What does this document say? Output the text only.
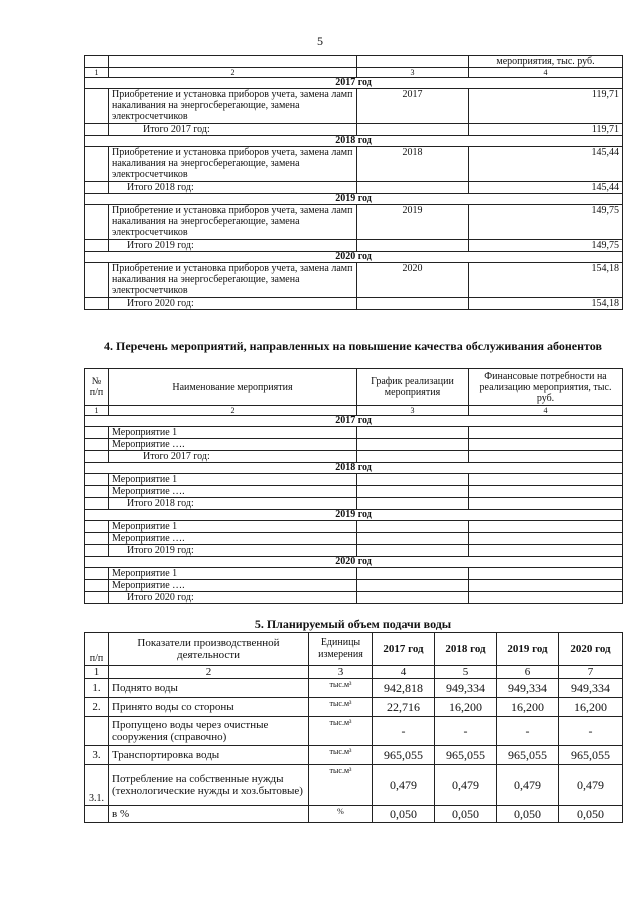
5
			мероприятия, тыс. руб.
1	2	3	4
2017 год			
	Приобретение и установка приборов учета, замена ламп накаливания на энергосберегающие, замена электросчетчиков	2017	119,71
	Итого 2017 год:		119,71
2018 год			
	Приобретение и установка приборов учета, замена ламп накаливания на энергосберегающие, замена электросчетчиков	2018	145,44
	Итого 2018 год:		145,44
2019 год			
	Приобретение и установка приборов учета, замена ламп накаливания на энергосберегающие, замена электросчетчиков	2019	149,75
	Итого 2019 год:		149,75
2020 год			
	Приобретение и установка приборов учета, замена ламп накаливания на энергосберегающие, замена электросчетчиков	2020	154,18
	Итого 2020 год:		154,18
4. Перечень мероприятий, направленных на повышение качества обслуживания абонентов
№ п/п	Наименование мероприятия	График реализации мероприятия	Финансовые потребности на реализацию мероприятия, тыс. руб.
1	2	3	4
2017 год			
	Мероприятие 1		
	Мероприятие ….		
	Итого 2017 год:		
2018 год			
	Мероприятие 1		
	Мероприятие ….		
	Итого 2018 год:		
2019 год			
	Мероприятие 1		
	Мероприятие ….		
	Итого 2019 год:		
2020 год			
	Мероприятие 1		
	Мероприятие ….		
	Итого 2020 год:		
5. Планируемый объем подачи воды
п/п	Показатели производственной деятельности	Единицы измерения	2017 год	2018 год	2019 год	2020 год
1	2	3	4	5	6	7
1.	Поднято воды	тыс.м³	942,818	949,334	949,334	949,334
2.	Принято воды со стороны	тыс.м³	22,716	16,200	16,200	16,200
	Пропущено воды через очистные сооружения (справочно)	тыс.м³	-	-	-	-
3.	Транспортировка воды	тыс.м³	965,055	965,055	965,055	965,055
3.1.	Потребление на собственные нужды (технологические нужды и хоз.бытовые)	тыс.м³	0,479	0,479	0,479	0,479
	в %	%	0,050	0,050	0,050	0,050
